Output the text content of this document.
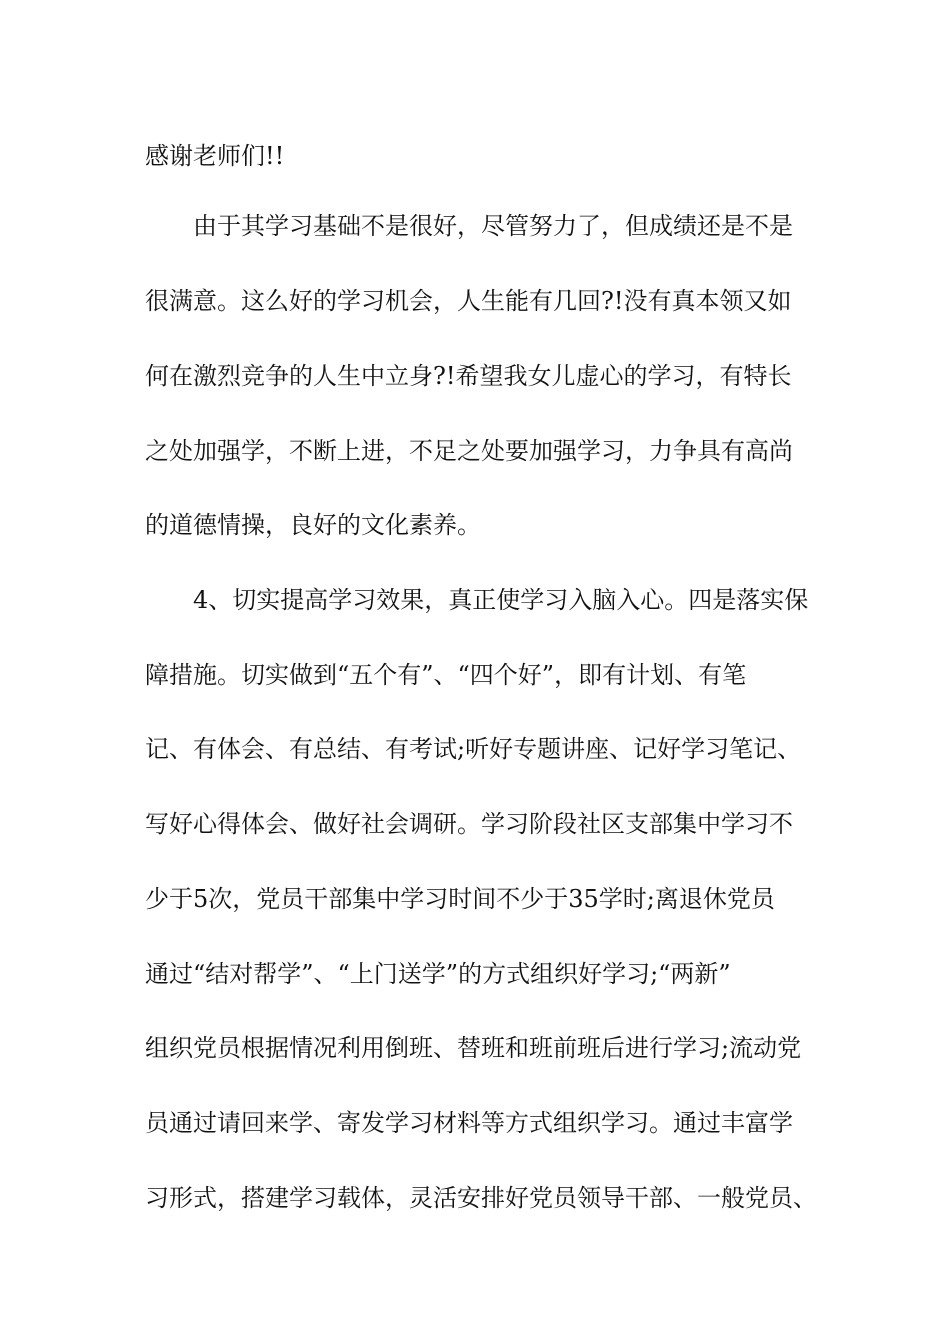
感谢老师们!!
由于其学习基础不是很好，尽管努力了，但成绩还是不是
很满意。这么好的学习机会，人生能有几回?!没有真本领又如
何在激烈竞争的人生中立身?!希望我女儿虚心的学习，有特长
之处加强学，不断上进，不足之处要加强学习，力争具有高尚
的道德情操，良好的文化素养。
4、切实提高学习效果，真正使学习入脑入心。四是落实保
障措施。切实做到“五个有”、“四个好”，即有计划、有笔
记、有体会、有总结、有考试;听好专题讲座、记好学习笔记、
写好心得体会、做好社会调研。学习阶段社区支部集中学习不
少于5次，党员干部集中学习时间不少于35学时;离退休党员
通过“结对帮学”、“上门送学”的方式组织好学习;“两新”
组织党员根据情况利用倒班、替班和班前班后进行学习;流动党
员通过请回来学、寄发学习材料等方式组织学习。通过丰富学
习形式，搭建学习载体，灵活安排好党员领导干部、一般党员、
